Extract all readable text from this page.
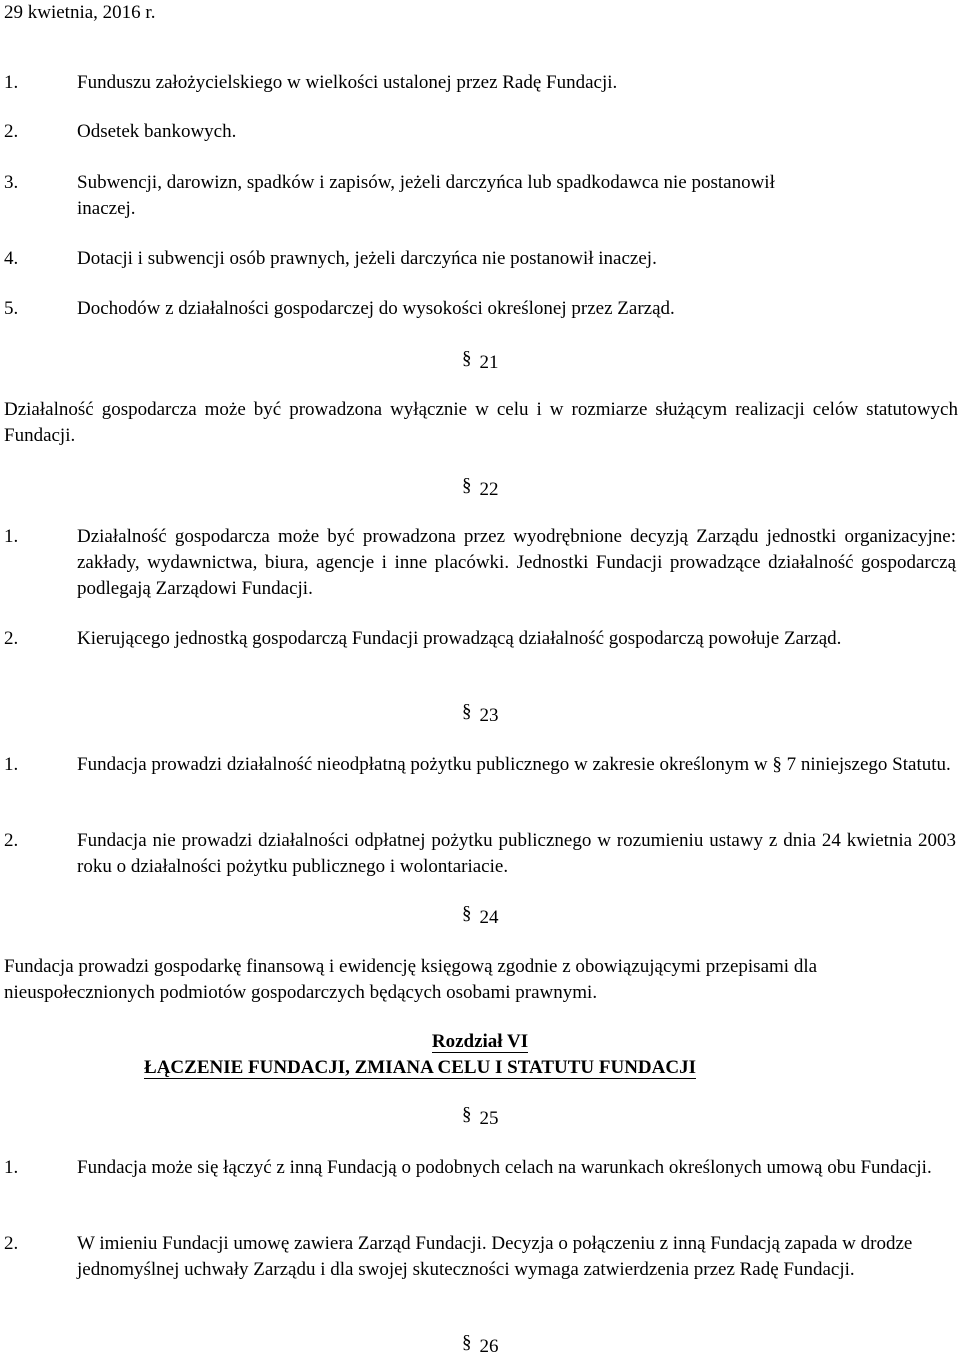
29 kwietnia, 2016 r.
1.	Funduszu założycielskiego w wielkości ustalonej przez Radę Fundacji.
2.	Odsetek bankowych.
3.	Subwencji, darowizn, spadków i zapisów, jeżeli darczyńca lub spadkodawca nie postanowił inaczej.
4.	Dotacji i subwencji osób prawnych, jeżeli darczyńca nie postanowił inaczej.
5.	Dochodów z działalności gospodarczej do wysokości określonej przez Zarząd.
§ 21
Działalność gospodarcza może być prowadzona wyłącznie w celu i w rozmiarze służącym realizacji celów statutowych Fundacji.
§ 22
1.	Działalność gospodarcza może być prowadzona przez wyodrębnione decyzją Zarządu jednostki organizacyjne: zakłady, wydawnictwa, biura, agencje i inne placówki. Jednostki Fundacji prowadzące działalność gospodarczą podlegają Zarządowi Fundacji.
2.	Kierującego jednostką gospodarczą Fundacji prowadzącą działalność gospodarczą powołuje Zarząd.
§ 23
1.	Fundacja prowadzi działalność nieodpłatną pożytku publicznego w zakresie określonym w § 7 niniejszego Statutu.
2.	Fundacja nie prowadzi działalności odpłatnej pożytku publicznego w rozumieniu ustawy z dnia 24 kwietnia 2003 roku o działalności pożytku publicznego i wolontariacie.
§ 24
Fundacja prowadzi gospodarkę finansową i ewidencję księgową zgodnie z obowiązującymi przepisami dla nieuspołecznionych podmiotów gospodarczych będących osobami prawnymi.
Rozdział VI
ŁĄCZENIE FUNDACJI, ZMIANA CELU I STATUTU FUNDACJI
§ 25
1.	Fundacja może się łączyć z inną Fundacją o podobnych celach na warunkach określonych umową obu Fundacji.
2.	W imieniu Fundacji umowę zawiera Zarząd Fundacji. Decyzja o połączeniu z inną Fundacją zapada w drodze jednomyślnej uchwały Zarządu i dla swojej skuteczności wymaga zatwierdzenia przez Radę Fundacji.
§ 26
